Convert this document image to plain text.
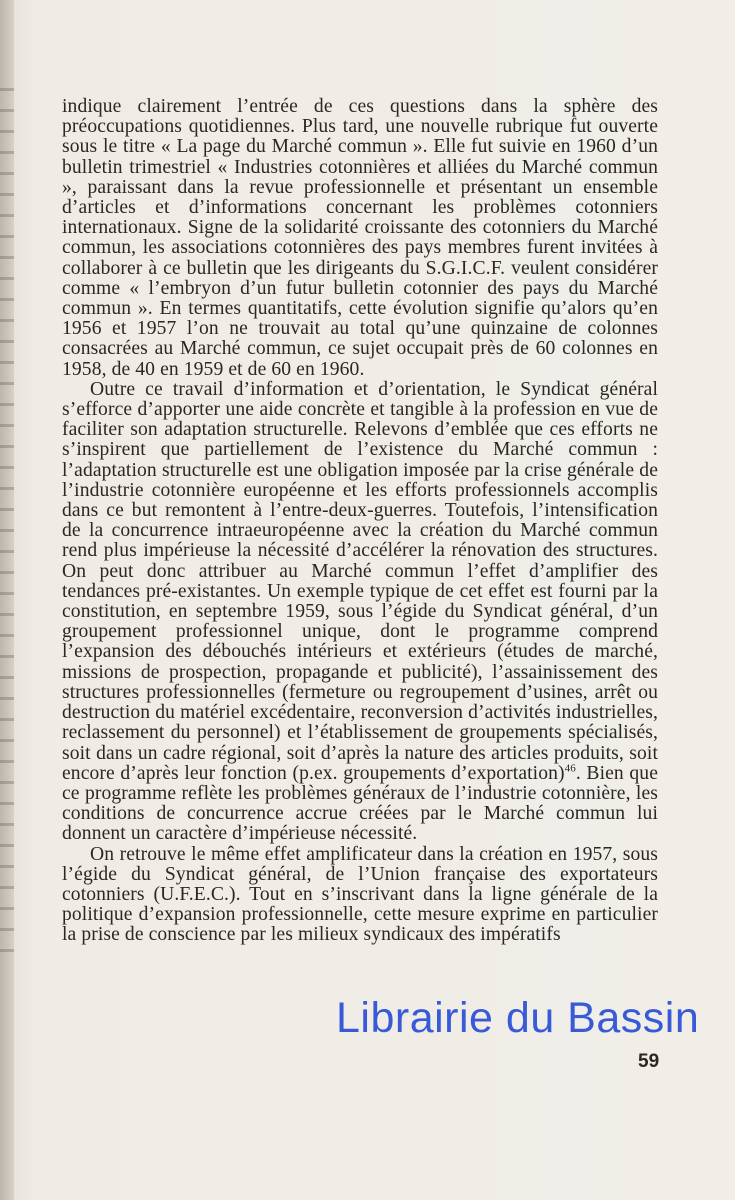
indique clairement l’entrée de ces questions dans la sphère des préoccupations quotidiennes. Plus tard, une nouvelle rubrique fut ouverte sous le titre « La page du Marché commun ». Elle fut suivie en 1960 d’un bulletin trimestriel « Industries cotonnières et alliées du Marché commun », paraissant dans la revue professionnelle et présentant un ensemble d’articles et d’informations concernant les problèmes cotonniers internationaux. Signe de la solidarité croissante des cotonniers du Marché commun, les associations cotonnières des pays membres furent invitées à collaborer à ce bulletin que les dirigeants du S.G.I.C.F. veulent considérer comme « l’embryon d’un futur bulletin cotonnier des pays du Marché commun ». En termes quantitatifs, cette évolution signifie qu’alors qu’en 1956 et 1957 l’on ne trouvait au total qu’une quinzaine de colonnes consacrées au Marché commun, ce sujet occupait près de 60 colonnes en 1958, de 40 en 1959 et de 60 en 1960.

Outre ce travail d’information et d’orientation, le Syndicat général s’efforce d’apporter une aide concrète et tangible à la profession en vue de faciliter son adaptation structurelle. Relevons d’emblée que ces efforts ne s’inspirent que partiellement de l’existence du Marché commun : l’adaptation structurelle est une obligation imposée par la crise générale de l’industrie cotonnière européenne et les efforts professionnels accomplis dans ce but remontent à l’entre-deux-guerres. Toutefois, l’intensification de la concurrence intraeuropéenne avec la création du Marché commun rend plus impérieuse la nécessité d’accélérer la rénovation des structures. On peut donc attribuer au Marché commun l’effet d’amplifier des tendances pré-existantes. Un exemple typique de cet effet est fourni par la constitution, en septembre 1959, sous l’égide du Syndicat général, d’un groupement professionnel unique, dont le programme comprend l’expansion des débouchés intérieurs et extérieurs (études de marché, missions de prospection, propagande et publicité), l’assainissement des structures professionnelles (fermeture ou regroupement d’usines, arrêt ou destruction du matériel excédentaire, reconversion d’activités industrielles, reclassement du personnel) et l’établissement de groupements spécialisés, soit dans un cadre régional, soit d’après la nature des articles produits, soit encore d’après leur fonction (p.ex. groupements d’exportation)$^{46}$. Bien que ce programme reflète les problèmes généraux de l’industrie cotonnière, les conditions de concurrence accrue créées par le Marché commun lui donnent un caractère d’impérieuse nécessité.

On retrouve le même effet amplificateur dans la création en 1957, sous l’égide du Syndicat général, de l’Union française des exportateurs cotonniers (U.F.E.C.). Tout en s’inscrivant dans la ligne générale de la politique d’expansion professionnelle, cette mesure exprime en particulier la prise de conscience par les milieux syndicaux des impératifs

Librairie du Bassin
59
